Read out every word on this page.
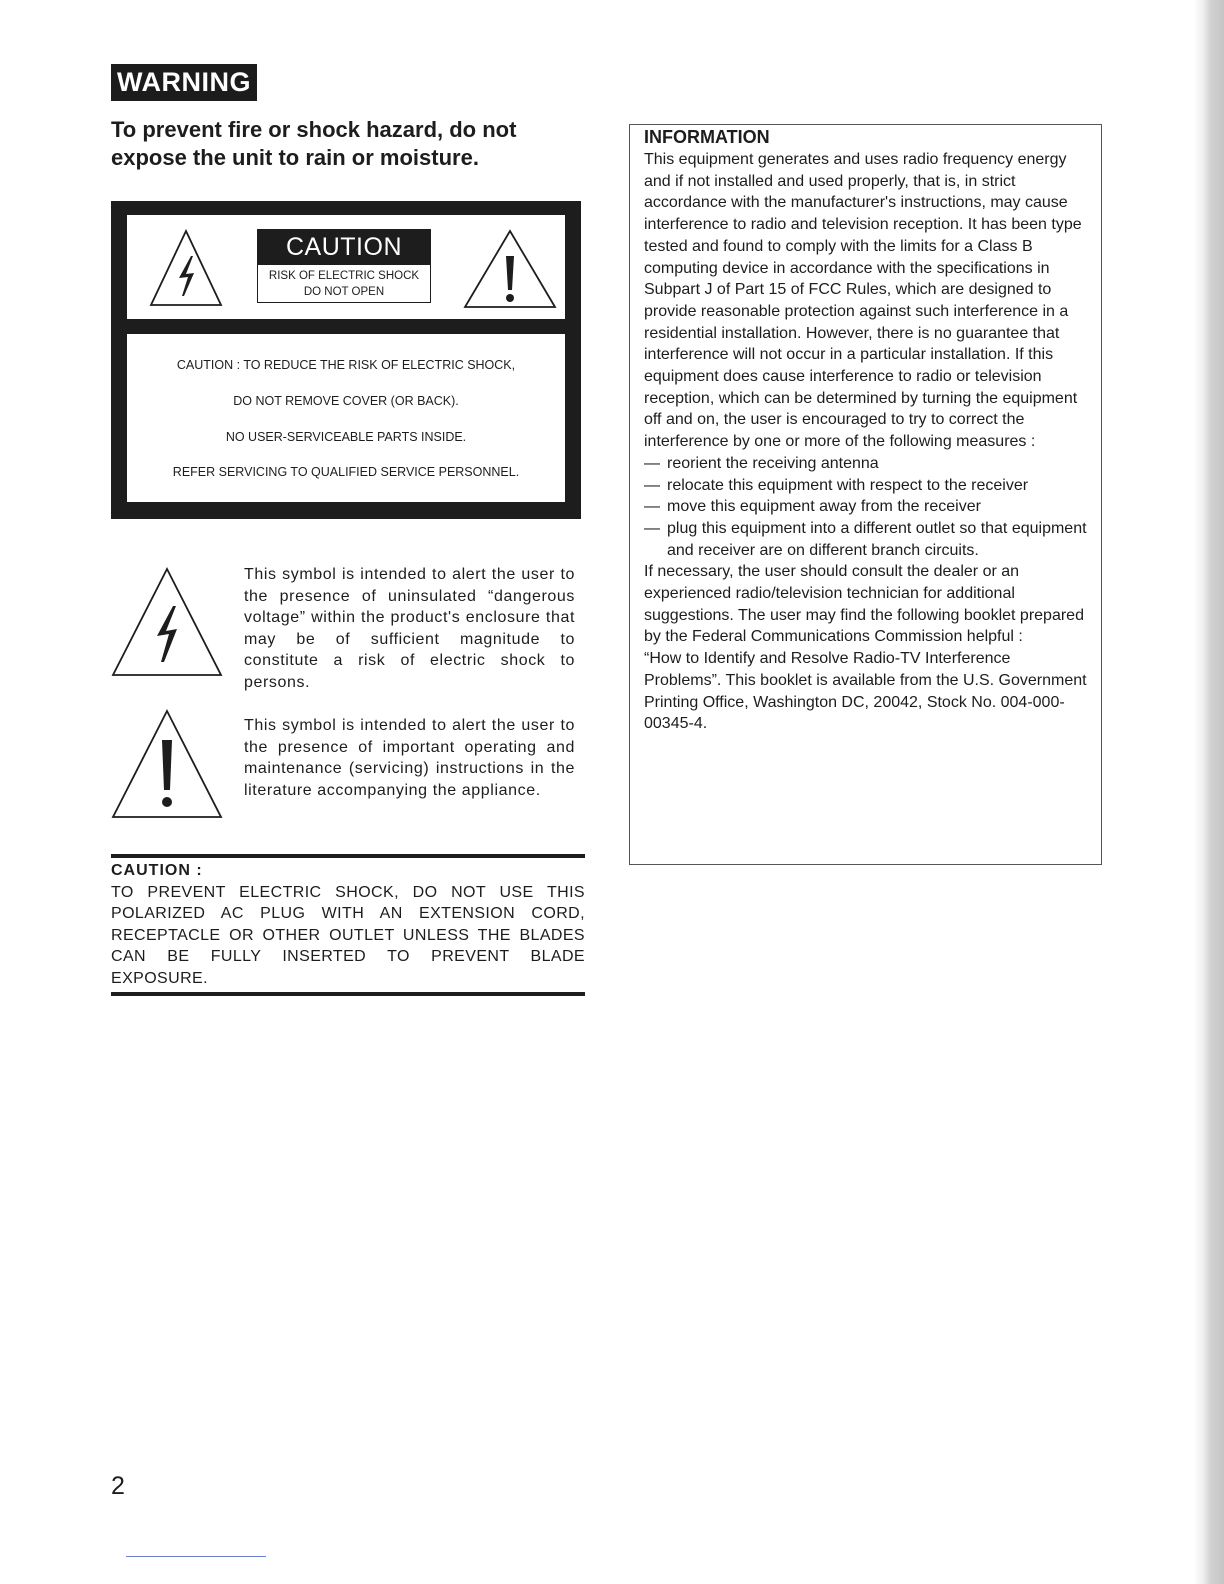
WARNING
To prevent fire or shock hazard, do not expose the unit to rain or moisture.
CAUTION
RISK OF ELECTRIC SHOCK
DO NOT OPEN
CAUTION : TO REDUCE THE RISK OF ELECTRIC SHOCK,
DO NOT REMOVE COVER (OR BACK).
NO USER-SERVICEABLE PARTS INSIDE.
REFER SERVICING TO QUALIFIED SERVICE PERSONNEL.
This symbol is intended to alert the user to the presence of uninsulated “dangerous voltage” within the product's enclosure that may be of sufficient magnitude to constitute a risk of electric shock to persons.
This symbol is intended to alert the user to the presence of important operating and maintenance (servicing) instructions in the literature accompanying the appliance.
CAUTION :
TO PREVENT ELECTRIC SHOCK, DO NOT USE THIS POLARIZED AC PLUG WITH AN EXTENSION CORD, RECEPTACLE OR OTHER OUTLET UNLESS THE BLADES CAN BE FULLY INSERTED TO PREVENT BLADE EXPOSURE.
INFORMATION

This equipment generates and uses radio frequency energy and if not installed and used properly, that is, in strict accordance with the manufacturer's instructions, may cause interference to radio and television reception. It has been type tested and found to comply with the limits for a Class B computing device in accordance with the specifications in Subpart J of Part 15 of FCC Rules, which are designed to provide reasonable protection against such interference in a residential installation. However, there is no guarantee that interference will not occur in a particular installation. If this equipment does cause interference to radio or television reception, which can be determined by turning the equipment off and on, the user is encouraged to try to correct the interference by one or more of the following measures :

— reorient the receiving antenna
— relocate this equipment with respect to the receiver
— move this equipment away from the receiver
— plug this equipment into a different outlet so that equipment and receiver are on different branch circuits.

If necessary, the user should consult the dealer or an experienced radio/television technician for additional suggestions. The user may find the following booklet prepared by the Federal Communications Commission helpful :

“How to Identify and Resolve Radio-TV Interference Problems”. This booklet is available from the U.S. Government Printing Office, Washington DC, 20042, Stock No. 004-000-00345-4.

2
